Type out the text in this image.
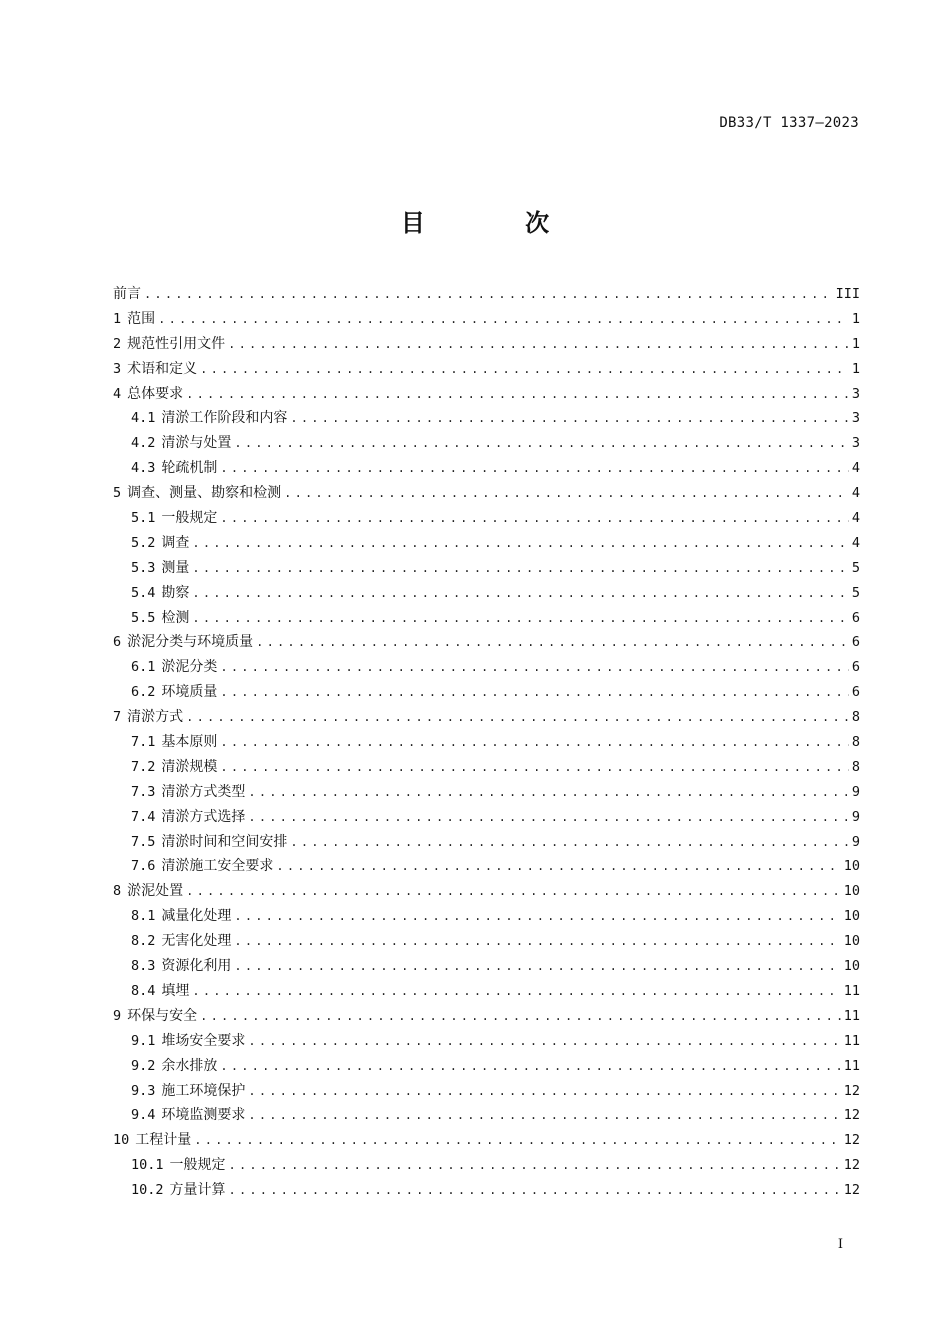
DB33/T 1337—2023
目 次
前言 .....	III
1 范围 .....	1
2 规范性引用文件 .....	1
3 术语和定义 .....	1
4 总体要求 .....	3
4.1 清淤工作阶段和内容 .....	3
4.2 清淤与处置 .....	3
4.3 轮疏机制 .....	4
5 调查、测量、勘察和检测 .....	4
5.1 一般规定 .....	4
5.2 调查 .....	4
5.3 测量 .....	5
5.4 勘察 .....	5
5.5 检测 .....	6
6 淤泥分类与环境质量 .....	6
6.1 淤泥分类 .....	6
6.2 环境质量 .....	6
7 清淤方式 .....	8
7.1 基本原则 .....	8
7.2 清淤规模 .....	8
7.3 清淤方式类型 .....	9
7.4 清淤方式选择 .....	9
7.5 清淤时间和空间安排 .....	9
7.6 清淤施工安全要求 .....	10
8 淤泥处置 .....	10
8.1 减量化处理 .....	10
8.2 无害化处理 .....	10
8.3 资源化利用 .....	10
8.4 填埋 .....	11
9 环保与安全 .....	11
9.1 堆场安全要求 .....	11
9.2 余水排放 .....	11
9.3 施工环境保护 .....	12
9.4 环境监测要求 .....	12
10 工程计量 .....	12
10.1 一般规定 .....	12
10.2 方量计算 .....	12
I
